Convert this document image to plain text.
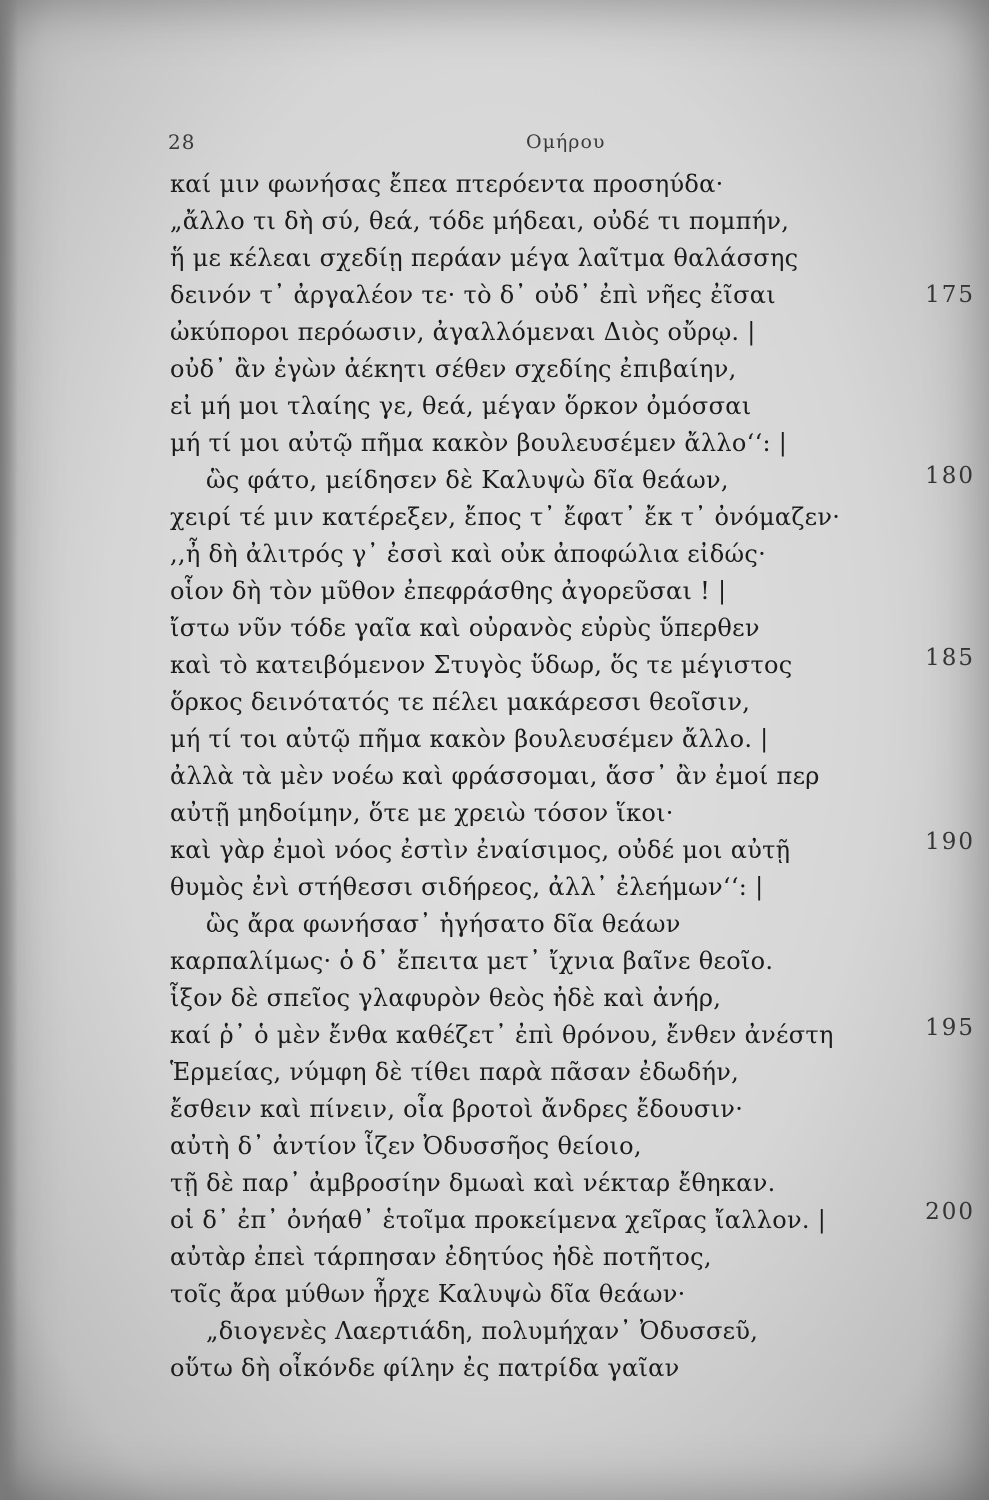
28	Ομήρου
καί μιν φωνήσας ἔπεα πτερόεντα προσηύδα·
„ἄλλο τι δὴ σύ, θεά, τόδε μήδεαι, οὐδέ τι πομπήν,
ἥ με κέλεαι σχεδίῃ περάαν μέγα λαῖτμα θαλάσσης
δεινόν τ᾿ ἀργαλέον τε· τὸ δ᾿ οὐδ᾿ ἐπὶ νῆες ἐῖσαι	175
ὠκύποροι περόωσιν, ἀγαλλόμεναι Διὸς οὔρῳ. |
οὐδ᾿ ἂν ἐγὼν ἀέκητι σέθεν σχεδίης ἐπιβαίην,
εἰ μή μοι τλαίης γε, θεά, μέγαν ὅρκον ὀμόσσαι
μή τί μοι αὐτῷ πῆμα κακὸν βουλευσέμεν ἄλλο‘‘: |
ὣς φάτο, μείδησεν δὲ Καλυψὼ δῖα θεάων,	180
χειρί τέ μιν κατέρεξεν, ἔπος τ᾿ ἔφατ᾿ ἔκ τ᾿ ὀνόμαζεν·
,,ἦ δὴ ἀλιτρός γ᾿ ἐσσὶ καὶ οὐκ ἀποφώλια εἰδώς·
οἷον δὴ τὸν μῦθον ἐπεφράσθης ἀγορεῦσαι ! |
ἴστω νῦν τόδε γαῖα καὶ οὐρανὸς εὐρὺς ὕπερθεν
καὶ τὸ κατειβόμενον Στυγὸς ὕδωρ, ὅς τε μέγιστος	185
ὅρκος δεινότατός τε πέλει μακάρεσσι θεοῖσιν,
μή τί τοι αὐτῷ πῆμα κακὸν βουλευσέμεν ἄλλο. |
ἀλλὰ τὰ μὲν νοέω καὶ φράσσομαι, ἅσσ᾿ ἂν ἐμοί περ
αὐτῇ μηδοίμην, ὅτε με χρειὼ τόσον ἵκοι·
καὶ γὰρ ἐμοὶ νόος ἐστὶν ἐναίσιμος, οὐδέ μοι αὐτῇ	190
θυμὸς ἐνὶ στήθεσσι σιδήρεος, ἀλλ᾿ ἐλεήμων‘‘: |
ὣς ἄρα φωνήσασ᾿ ἡγήσατο δῖα θεάων
καρπαλίμως· ὁ δ᾿ ἔπειτα μετ᾿ ἴχνια βαῖνε θεοῖο.
ἷξον δὲ σπεῖος γλαφυρὸν θεὸς ἠδὲ καὶ ἀνήρ,
καί ῥ᾿ ὁ μὲν ἔνθα καθέζετ᾿ ἐπὶ θρόνου, ἔνθεν ἀνέστη	195
Ἑρμείας, νύμφη δὲ τίθει παρὰ πᾶσαν ἐδωδήν,
ἔσθειν καὶ πίνειν, οἷα βροτοὶ ἄνδρες ἔδουσιν·
αὐτὴ δ᾿ ἀντίον ἷζεν Ὀδυσσῆος θείοιο,
τῇ δὲ παρ᾿ ἀμβροσίην δμωαὶ καὶ νέκταρ ἔθηκαν.
οἱ δ᾿ ἐπ᾿ ὀνήαθ᾿ ἑτοῖμα προκείμενα χεῖρας ἴαλλον. |	200
αὐτὰρ ἐπεὶ τάρπησαν ἐδητύος ἠδὲ ποτῆτος,
τοῖς ἄρα μύθων ἦρχε Καλυψὼ δῖα θεάων·
„διογενὲς Λαερτιάδη, πολυμήχαν᾿ Ὀδυσσεῦ,
οὕτω δὴ οἶκόνδε φίλην ἐς πατρίδα γαῖαν
